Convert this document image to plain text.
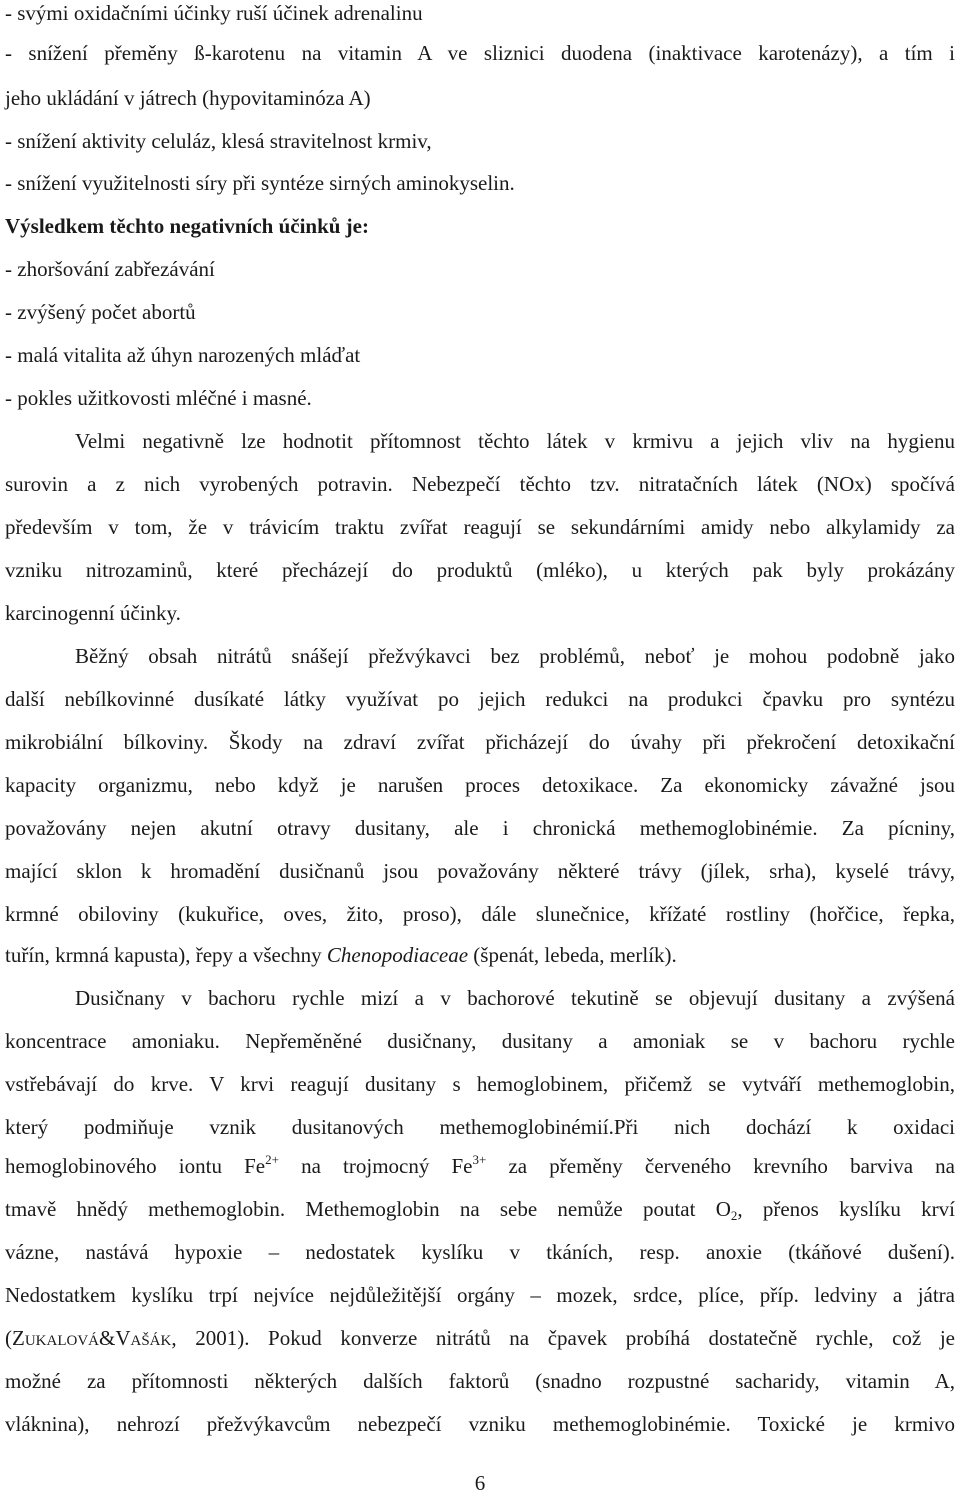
- svými oxidačními účinky ruší účinek adrenalinu
- snížení přeměny ß-karotenu na vitamin A ve sliznici duodena (inaktivace karotenázy), a tím i
jeho ukládání v játrech (hypovitaminóza A)
- snížení aktivity celuláz, klesá stravitelnost krmiv,
- snížení využitelnosti síry při syntéze sirných aminokyselin.
Výsledkem těchto negativních účinků je:
- zhoršování zabřezávání
- zvýšený počet abortů
- malá vitalita až úhyn narozených mláďat
- pokles užitkovosti mléčné i masné.
Velmi negativně lze hodnotit přítomnost těchto látek v krmivu a jejich vliv na hygienu
surovin a z nich vyrobených potravin. Nebezpečí těchto tzv. nitratačních látek (NOx) spočívá
především v tom, že v trávicím traktu zvířat reagují se sekundárními amidy nebo alkylamidy za
vzniku nitrozaminů, které přecházejí do produktů (mléko), u kterých pak byly prokázány
karcinogenní účinky.
Běžný obsah nitrátů snášejí přežvýkavci bez problémů, neboť je mohou podobně jako
další nebílkovinné dusíkaté látky využívat po jejich redukci na produkci čpavku pro syntézu
mikrobiální bílkoviny. Škody na zdraví zvířat přicházejí do úvahy při překročení detoxikační
kapacity organizmu, nebo když je narušen proces detoxikace. Za ekonomicky závažné jsou
považovány nejen akutní otravy dusitany, ale i chronická methemoglobinémie. Za pícniny,
mající sklon k hromadění dusičnanů jsou považovány některé trávy (jílek, srha), kyselé trávy,
krmné obiloviny (kukuřice, oves, žito, proso), dále slunečnice, křížaté rostliny (hořčice, řepka,
tuřín, krmná kapusta), řepy a všechny Chenopodiaceae (špenát, lebeda, merlík).
Dusičnany v bachoru rychle mizí a v bachorové tekutině se objevují dusitany a zvýšená
koncentrace amoniaku. Nepřeměněné dusičnany, dusitany a amoniak se v bachoru rychle
vstřebávají do krve. V krvi reagují dusitany s hemoglobinem, přičemž se vytváří methemoglobin,
který podmiňuje vznik dusitanových methemoglobinémií.Při nich dochází k oxidaci
hemoglobinového iontu $Fe^{2+}$ na trojmocný $Fe^{3+}$ za přeměny červeného krevního barviva na
tmavě hnědý methemoglobin. Methemoglobin na sebe nemůže poutat $O_2$, přenos kyslíku krví
vázne, nastává hypoxie – nedostatek kyslíku v tkáních, resp. anoxie (tkáňové dušení).
Nedostatkem kyslíku trpí nejvíce nejdůležitější orgány – mozek, srdce, plíce, příp. ledviny a játra
(ZUKALOVÁ&VAŠÁK, 2001). Pokud konverze nitrátů na čpavek probíhá dostatečně rychle, což je
možné za přítomnosti některých dalších faktorů (snadno rozpustné sacharidy, vitamin A,
vláknina), nehrozí přežvýkavcům nebezpečí vzniku methemoglobinémie. Toxické je krmivo
6
